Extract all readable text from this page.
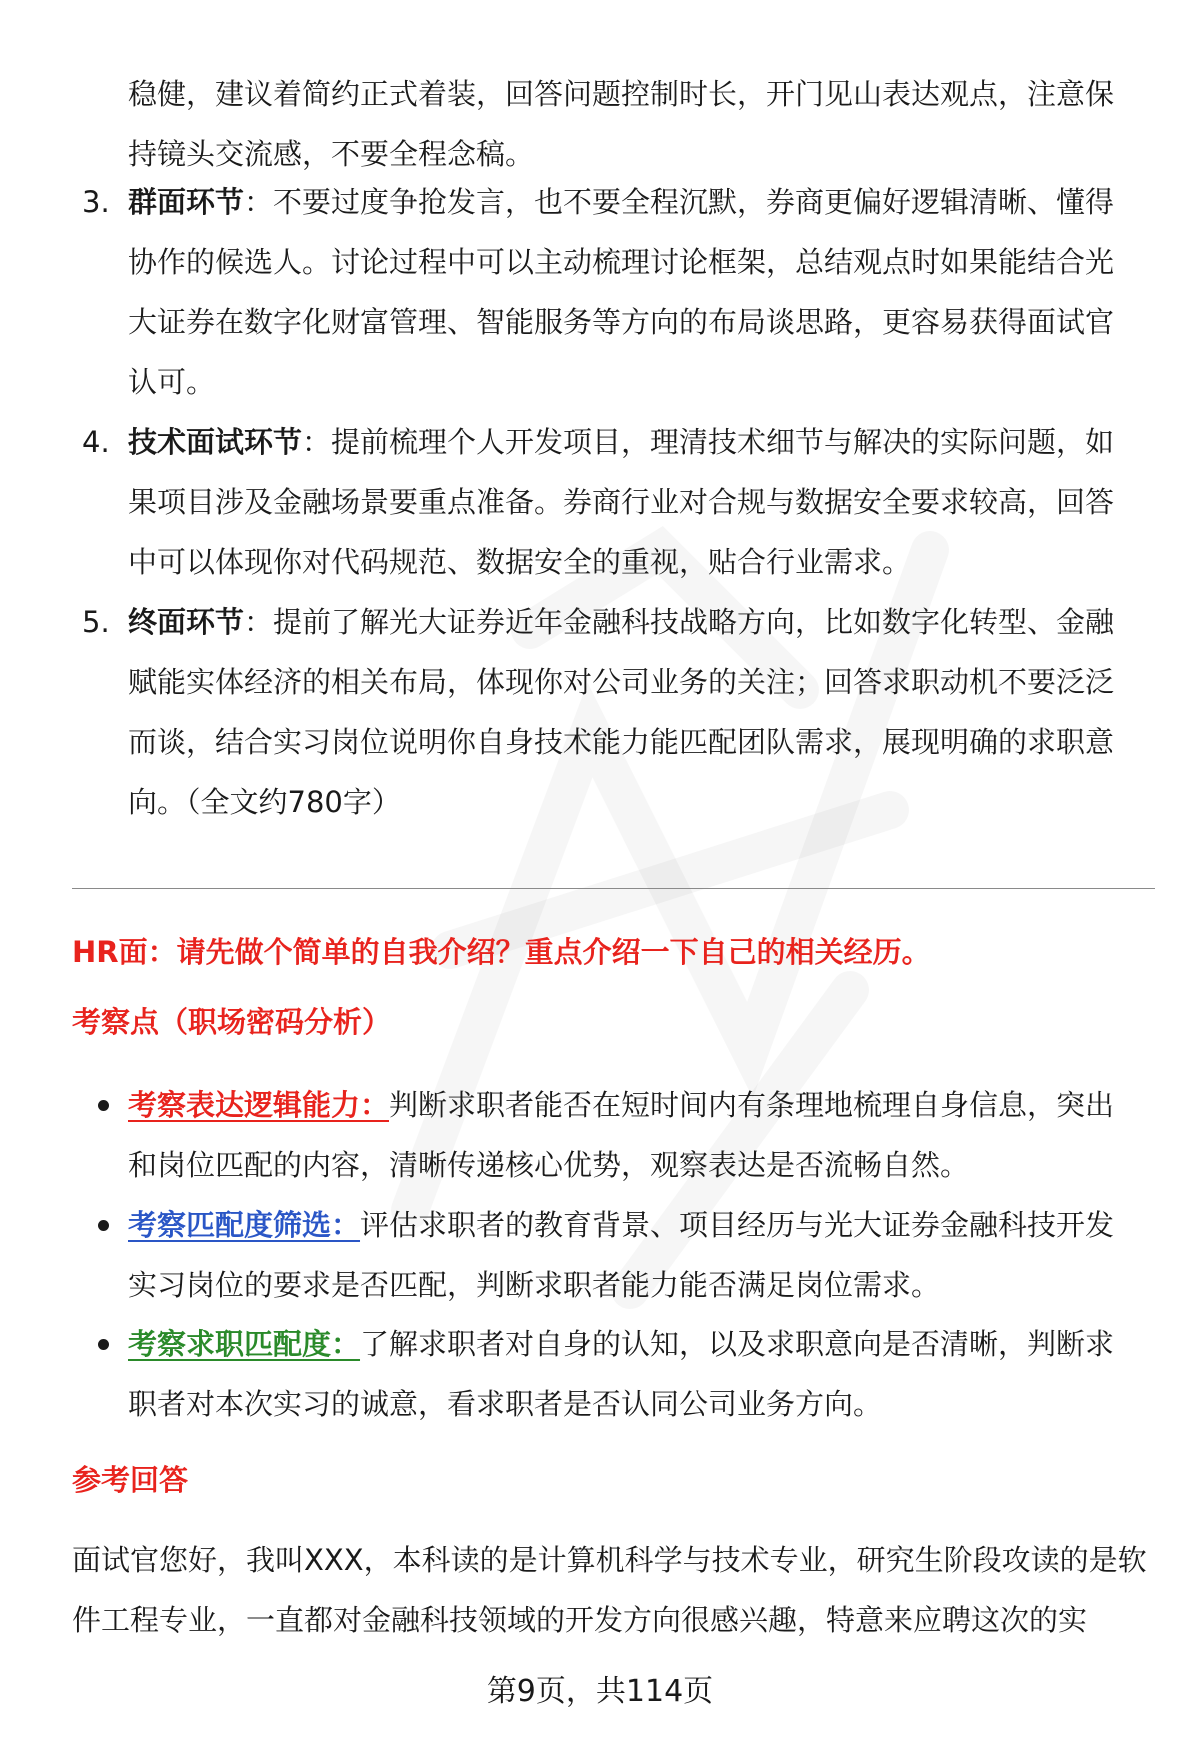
稳健，建议着简约正式着装，回答问题控制时长，开门见山表达观点，注意保持镜头交流感，不要全程念稿。

3. 群面环节：不要过度争抢发言，也不要全程沉默，券商更偏好逻辑清晰、懂得协作的候选人。讨论过程中可以主动梳理讨论框架，总结观点时如果能结合光大证券在数字化财富管理、智能服务等方向的布局谈思路，更容易获得面试官认可。

4. 技术面试环节：提前梳理个人开发项目，理清技术细节与解决的实际问题，如果项目涉及金融场景要重点准备。券商行业对合规与数据安全要求较高，回答中可以体现你对代码规范、数据安全的重视，贴合行业需求。

5. 终面环节：提前了解光大证券近年金融科技战略方向，比如数字化转型、金融赋能实体经济的相关布局，体现你对公司业务的关注；回答求职动机不要泛泛而谈，结合实习岗位说明你自身技术能力能匹配团队需求，展现明确的求职意向。（全文约780字）

HR面：请先做个简单的自我介绍？重点介绍一下自己的相关经历。
考察点（职场密码分析）

考察表达逻辑能力：判断求职者能否在短时间内有条理地梳理自身信息，突出和岗位匹配的内容，清晰传递核心优势，观察表达是否流畅自然。

考察匹配度筛选：评估求职者的教育背景、项目经历与光大证券金融科技开发实习岗位的要求是否匹配，判断求职者能力能否满足岗位需求。

考察求职匹配度：了解求职者对自身的认知，以及求职意向是否清晰，判断求职者对本次实习的诚意，看求职者是否认同公司业务方向。

参考回答

面试官您好，我叫XXX，本科读的是计算机科学与技术专业，研究生阶段攻读的是软件工程专业，一直都对金融科技领域的开发方向很感兴趣，特意来应聘这次的实

第9页，共114页
